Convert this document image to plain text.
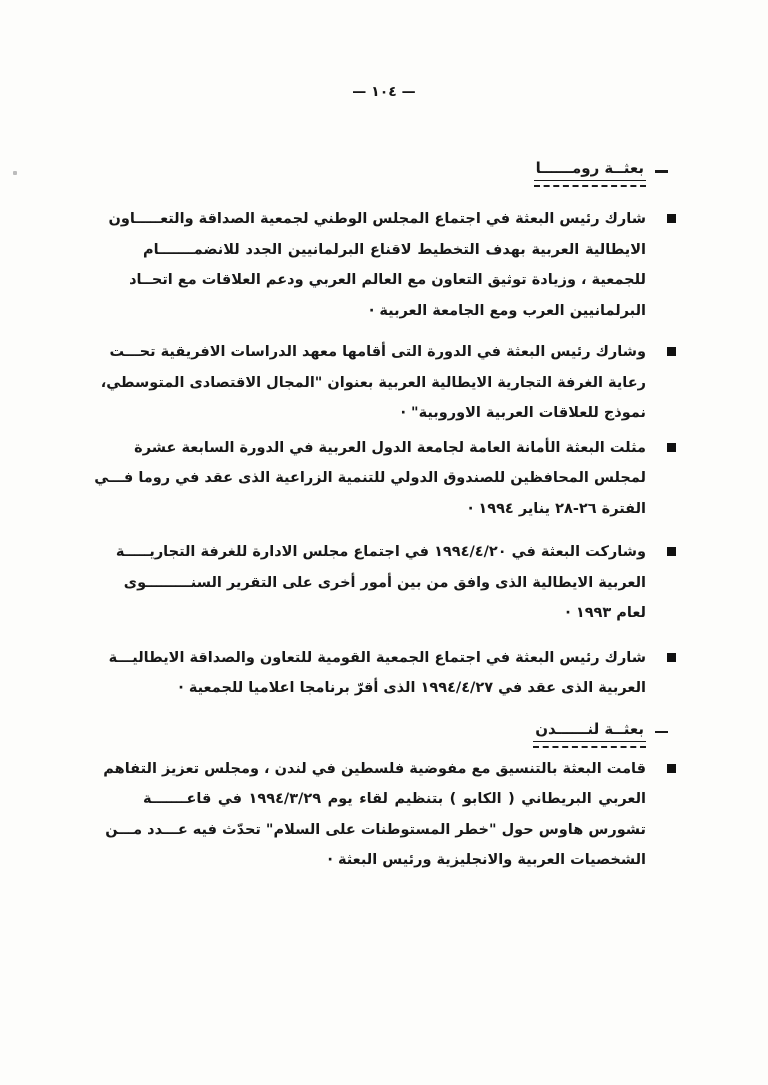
— ١٠٤ —
بعثــة رومــــــا
شارك رئيس البعثة في اجتماع المجلس الوطني لجمعية الصداقة والتعـــــاون
الايطالية العربية بهدف التخطيط لاقناع البرلمانيين الجدد للانضمـــــــام
للجمعية ، وزيادة توثيق التعاون مع العالم العربي ودعم العلاقات مع اتحــاد
البرلمانيين العرب ومع الجامعة العربية ·
وشارك رئيس البعثة في الدورة التى أقامها معهد الدراسات الافريقية تحـــت
رعاية الغرفة التجارية الايطالية العربية بعنوان "المجال الاقتصادى المتوسطي،
نموذج للعلاقات العربية الاوروبية" ·
مثلت البعثة الأمانة العامة لجامعة الدول العربية في الدورة السابعة عشرة
لمجلس المحافظين للصندوق الدولي للتنمية الزراعية الذى عقد في روما فـــي
الفترة ٢٦-٢٨ يناير ١٩٩٤ ·
وشاركت البعثة في ١٩٩٤/٤/٢٠ في اجتماع مجلس الادارة للغرفة التجاريـــــة
العربية الايطالية الذى وافق من بين أمور أخرى على التقرير السنـــــــــوى
لعام ١٩٩٣ ·
شارك رئيس البعثة في اجتماع الجمعية القومية للتعاون والصداقة الايطاليـــة
العربية الذى عقد في ١٩٩٤/٤/٢٧ الذى أقرّ برنامجا اعلاميا للجمعية ·
بعثــة لنــــــدن
قامت البعثة بالتنسيق مع مفوضية فلسطين في لندن ، ومجلس تعزيز التفاهم
العربي البريطاني ( الكابو ) بتنظيم لقاء يوم ١٩٩٤/٣/٢٩ في قاعـــــــة
تشورس هاوس حول "خطر المستوطنات على السلام" تحدّث فيه عـــدد مـــن
الشخصيات العربية والانجليزية ورئيس البعثة ·
